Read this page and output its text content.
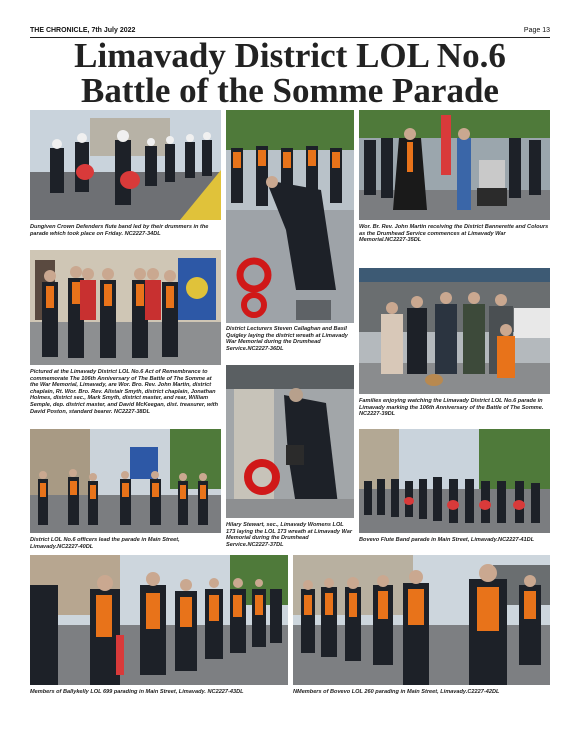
THE CHRONICLE, 7th July 2022	Page 13
Limavady District LOL No.6
Battle of the Somme Parade

Dungiven Crown Defenders flute band led by their drummers in the parade which took place on Friday. NC2227-34DL

District Lecturers Steven Callaghan and Basil Quigley laying the district wreath at Limavady War Memorial during the Drumhead Service.NC2227-36DL

Wor. Br. Rev. John Martin receiving the District Bannerette and Colours as the Drumhead Service commences at Limavady War Memorial.NC2227-35DL

Pictured at the Limavady District LOL No.6 Act of Remembrance to commemorate The 106th Anniversary of The Battle of The Somme at the War Memorial, Limavady, are Wor. Bro. Rev. John Martin, district chaplain, Rt. Wor. Bro. Rev. Alistair Smyth, district chaplain, Jonathan Holmes, district sec., Mark Smyth, district master, and rear, William Semple, dep. district master, and David McKeegan, dist. treasurer, with David Poston, standard bearer. NC2227-38DL

Families enjoying watching the Limavady District LOL No.6 parade in Limavady marking the 106th Anniversary of the Battle of The Somme. NC2227-39DL

District LOL No.6 officers lead the parade in Main Street, Limavady.NC2227-40DL

Hilary Stewart, sec., Limavady Womens LOL 173 laying the LOL 173 wreath at Limavady War Memorial during the Drumhead Service.NC2227-37DL

Bovevo Flute Band parade in Main Street, Limavady.NC2227-41DL

Members of Ballykelly LOL 699 parading in Main Street, Limavady. NC2227-43DL	NMembers of Bovevo LOL 260 parading in Main Street, Limavady.C2227-42DL
